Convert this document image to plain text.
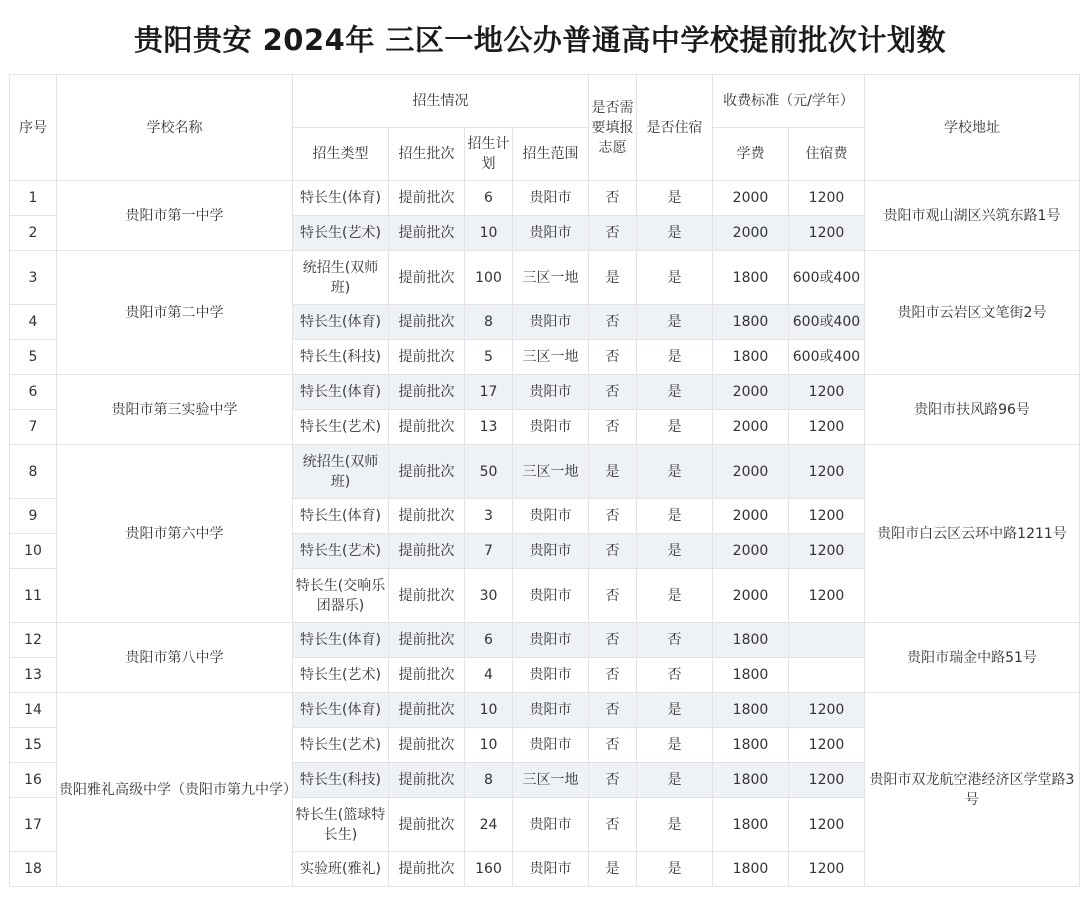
贵阳贵安 2024年 三区一地公办普通高中学校提前批次计划数
序号	学校名称	招生情况				是否需要填报志愿	是否住宿	收费标准（元/学年）		学校地址
		招生类型	招生批次	招生计划	招生范围			学费	住宿费	
1	贵阳市第一中学	特长生(体育)	提前批次	6	贵阳市	否	是	2000	1200	贵阳市观山湖区兴筑东路1号
2		特长生(艺术)	提前批次	10	贵阳市	否	是	2000	1200	
3	贵阳市第二中学	统招生(双师班)	提前批次	100	三区一地	是	是	1800	600或400	贵阳市云岩区文笔街2号
4		特长生(体育)	提前批次	8	贵阳市	否	是	1800	600或400	
5		特长生(科技)	提前批次	5	三区一地	否	是	1800	600或400	
6	贵阳市第三实验中学	特长生(体育)	提前批次	17	贵阳市	否	是	2000	1200	贵阳市扶风路96号
7		特长生(艺术)	提前批次	13	贵阳市	否	是	2000	1200	
8	贵阳市第六中学	统招生(双师班)	提前批次	50	三区一地	是	是	2000	1200	贵阳市白云区云环中路1211号
9		特长生(体育)	提前批次	3	贵阳市	否	是	2000	1200	
10		特长生(艺术)	提前批次	7	贵阳市	否	是	2000	1200	
11		特长生(交响乐团器乐)	提前批次	30	贵阳市	否	是	2000	1200	
12	贵阳市第八中学	特长生(体育)	提前批次	6	贵阳市	否	否	1800		贵阳市瑞金中路51号
13		特长生(艺术)	提前批次	4	贵阳市	否	否	1800		
14	贵阳雅礼高级中学（贵阳市第九中学）	特长生(体育)	提前批次	10	贵阳市	否	是	1800	1200	贵阳市双龙航空港经济区学堂路3号
15		特长生(艺术)	提前批次	10	贵阳市	否	是	1800	1200	
16		特长生(科技)	提前批次	8	三区一地	否	是	1800	1200	
17		特长生(篮球特长生)	提前批次	24	贵阳市	否	是	1800	1200	
18		实验班(雅礼)	提前批次	160	贵阳市	是	是	1800	1200	
